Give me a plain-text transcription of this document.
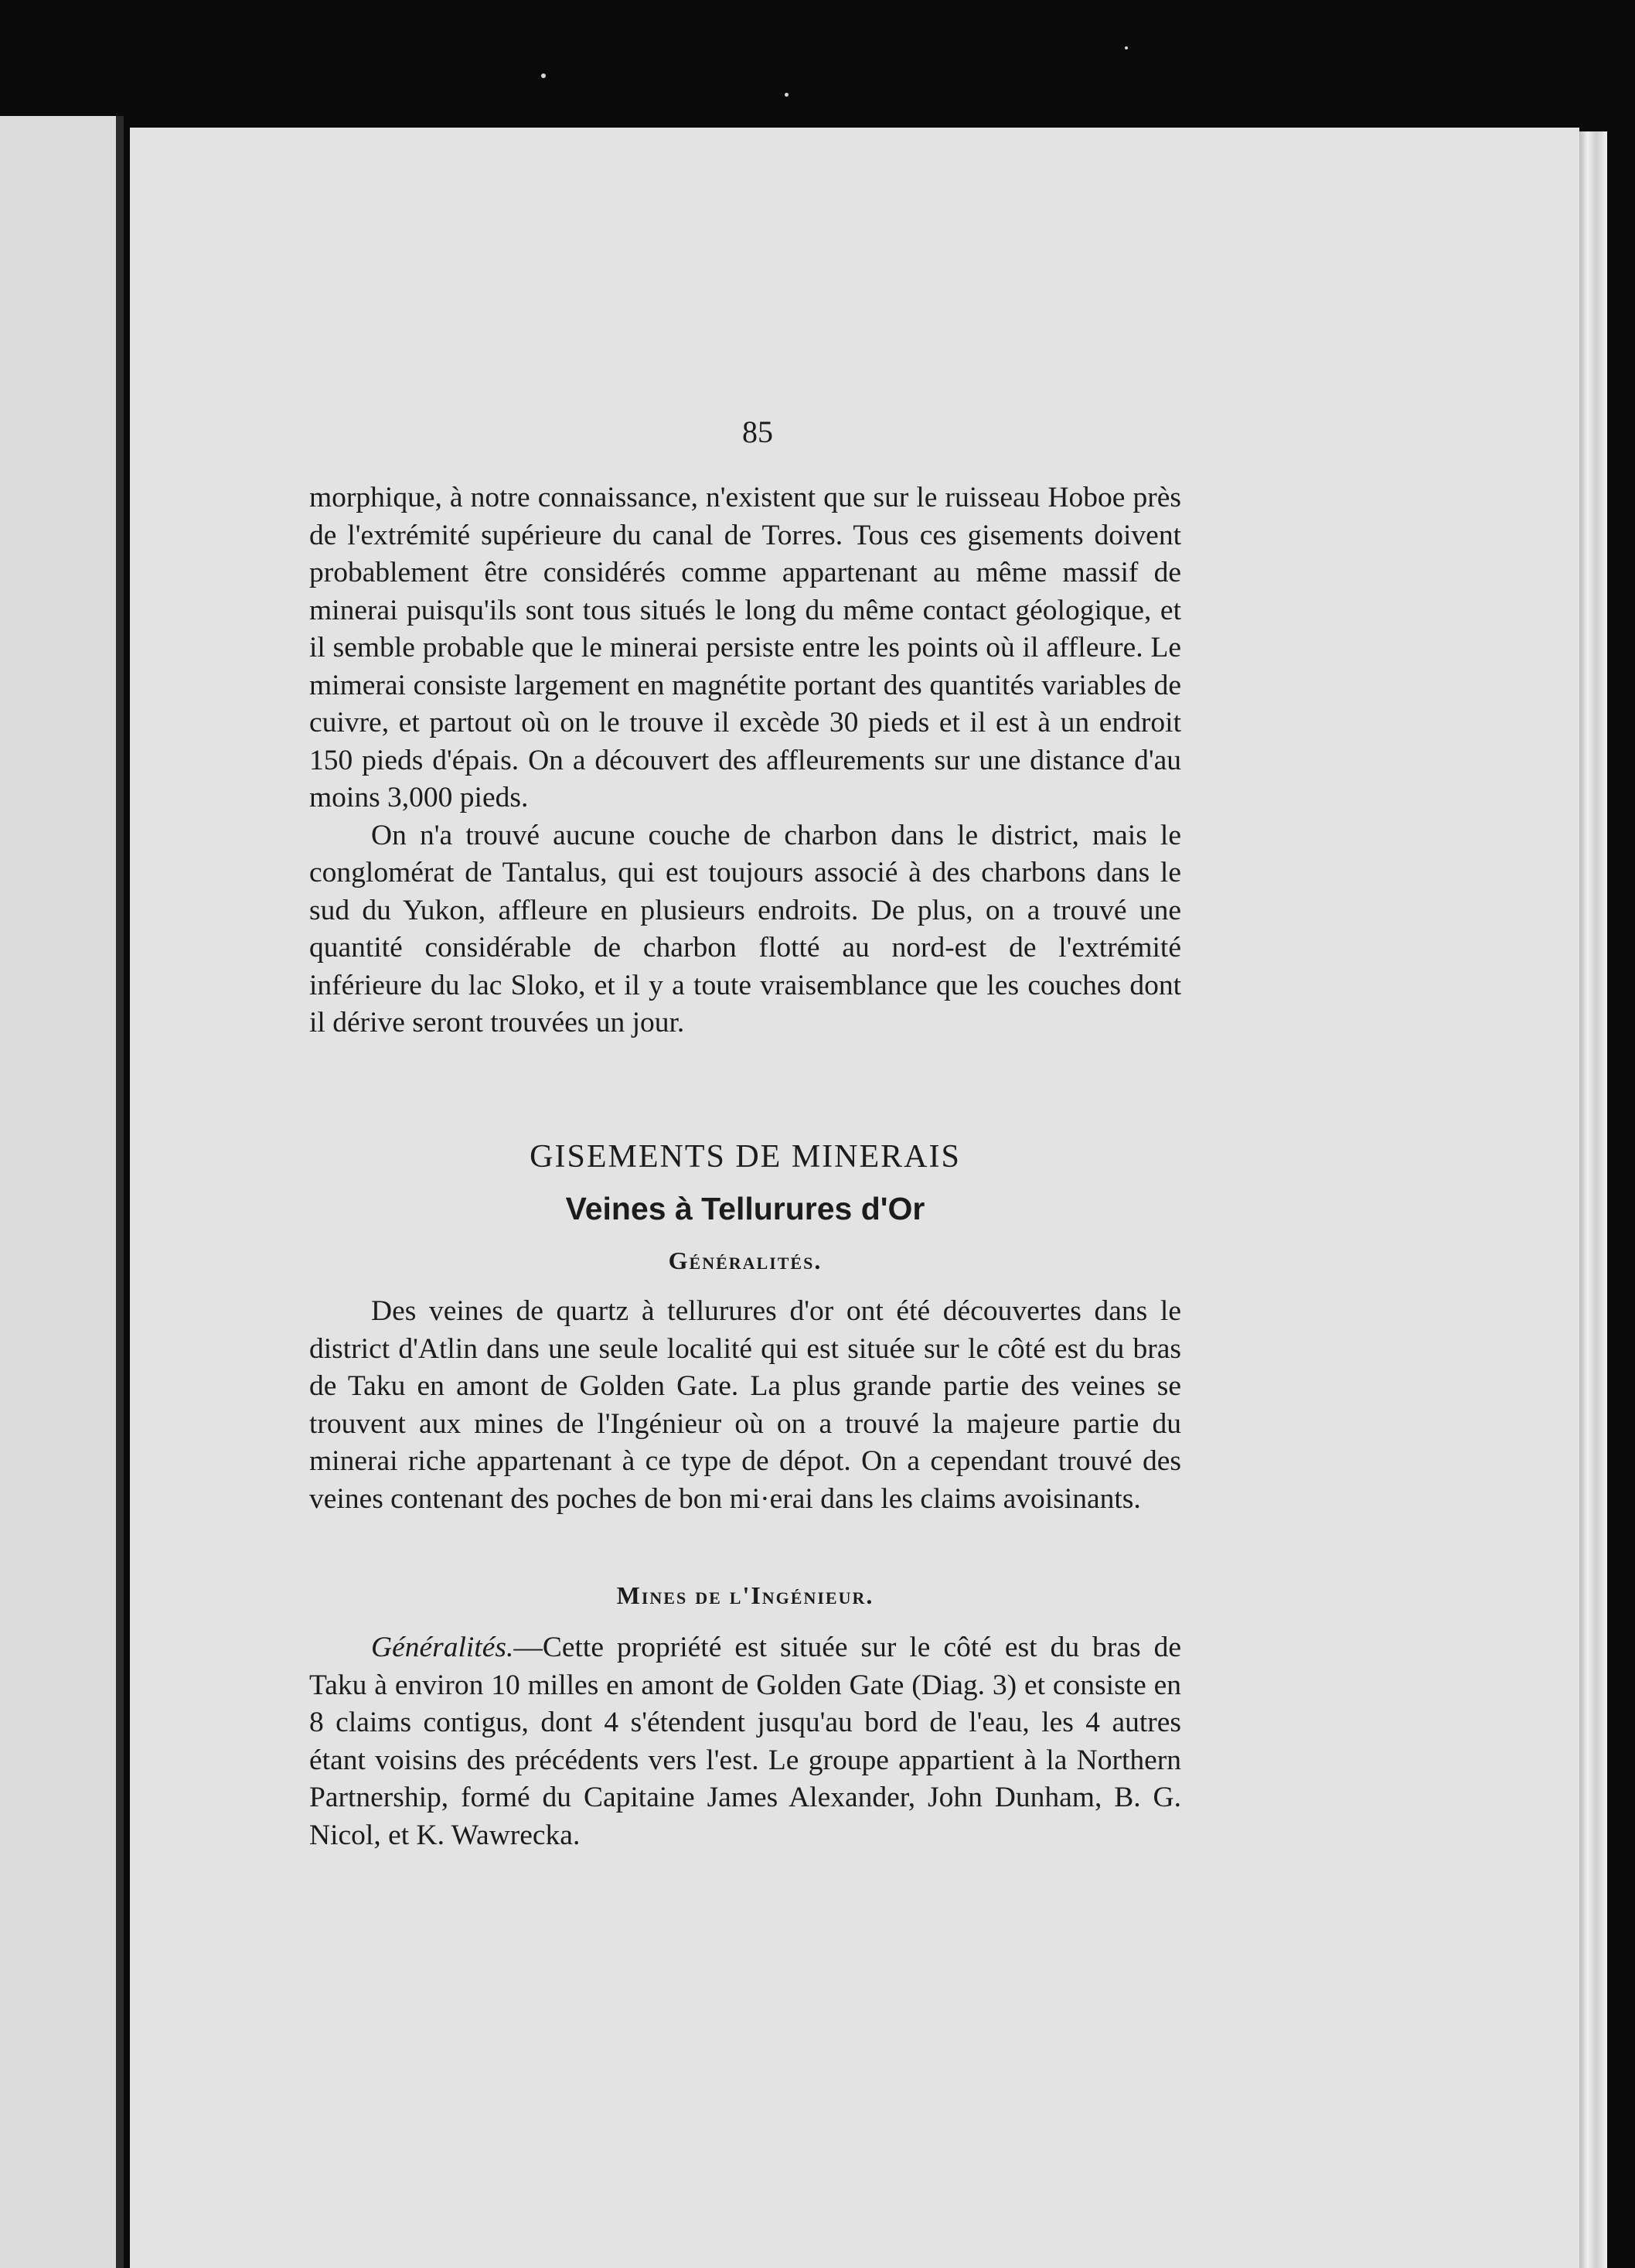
85

morphique, à notre connaissance, n'existent que sur le ruisseau Hoboe près de l'extrémité supérieure du canal de Torres. Tous ces gisements doivent probablement être considérés comme appartenant au même massif de minerai puisqu'ils sont tous situés le long du même contact géologique, et il semble probable que le minerai persiste entre les points où il affleure. Le mimerai consiste largement en magnétite portant des quantités variables de cuivre, et partout où on le trouve il excède 30 pieds et il est à un endroit 150 pieds d'épais. On a découvert des affleurements sur une distance d'au moins 3,000 pieds.

On n'a trouvé aucune couche de charbon dans le district, mais le conglomérat de Tantalus, qui est toujours associé à des charbons dans le sud du Yukon, affleure en plusieurs endroits. De plus, on a trouvé une quantité considérable de charbon flotté au nord-est de l'extrémité inférieure du lac Sloko, et il y a toute vraisemblance que les couches dont il dérive seront trouvées un jour.

GISEMENTS DE MINERAIS
Veines à Tellurures d'Or
Généralités.

Des veines de quartz à tellurures d'or ont été découvertes dans le district d'Atlin dans une seule localité qui est située sur le côté est du bras de Taku en amont de Golden Gate. La plus grande partie des veines se trouvent aux mines de l'Ingénieur où on a trouvé la majeure partie du minerai riche appartenant à ce type de dépot. On a cependant trouvé des veines contenant des poches de bon mi·erai dans les claims avoisinants.

Mines de l'Ingénieur.

Généralités.—Cette propriété est située sur le côté est du bras de Taku à environ 10 milles en amont de Golden Gate (Diag. 3) et consiste en 8 claims contigus, dont 4 s'étendent jusqu'au bord de l'eau, les 4 autres étant voisins des précédents vers l'est. Le groupe appartient à la Northern Partnership, formé du Capitaine James Alexander, John Dunham, B. G. Nicol, et K. Wawrecka.
